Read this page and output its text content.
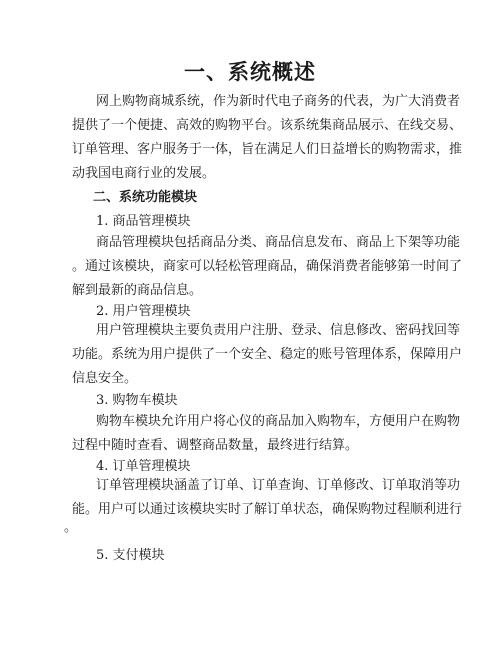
一、系统概述
网上购物商城系统，作为新时代电子商务的代表，为广大消费者
提供了一个便捷、高效的购物平台。该系统集商品展示、在线交易、
订单管理、客户服务于一体，旨在满足人们日益增长的购物需求，推
动我国电商行业的发展。
二、系统功能模块
1. 商品管理模块
商品管理模块包括商品分类、商品信息发布、商品上下架等功能
。通过该模块，商家可以轻松管理商品，确保消费者能够第一时间了
解到最新的商品信息。
2. 用户管理模块
用户管理模块主要负责用户注册、登录、信息修改、密码找回等
功能。系统为用户提供了一个安全、稳定的账号管理体系，保障用户
信息安全。
3. 购物车模块
购物车模块允许用户将心仪的商品加入购物车，方便用户在购物
过程中随时查看、调整商品数量，最终进行结算。
4. 订单管理模块
订单管理模块涵盖了订单、订单查询、订单修改、订单取消等功
能。用户可以通过该模块实时了解订单状态，确保购物过程顺利进行
。
5. 支付模块
